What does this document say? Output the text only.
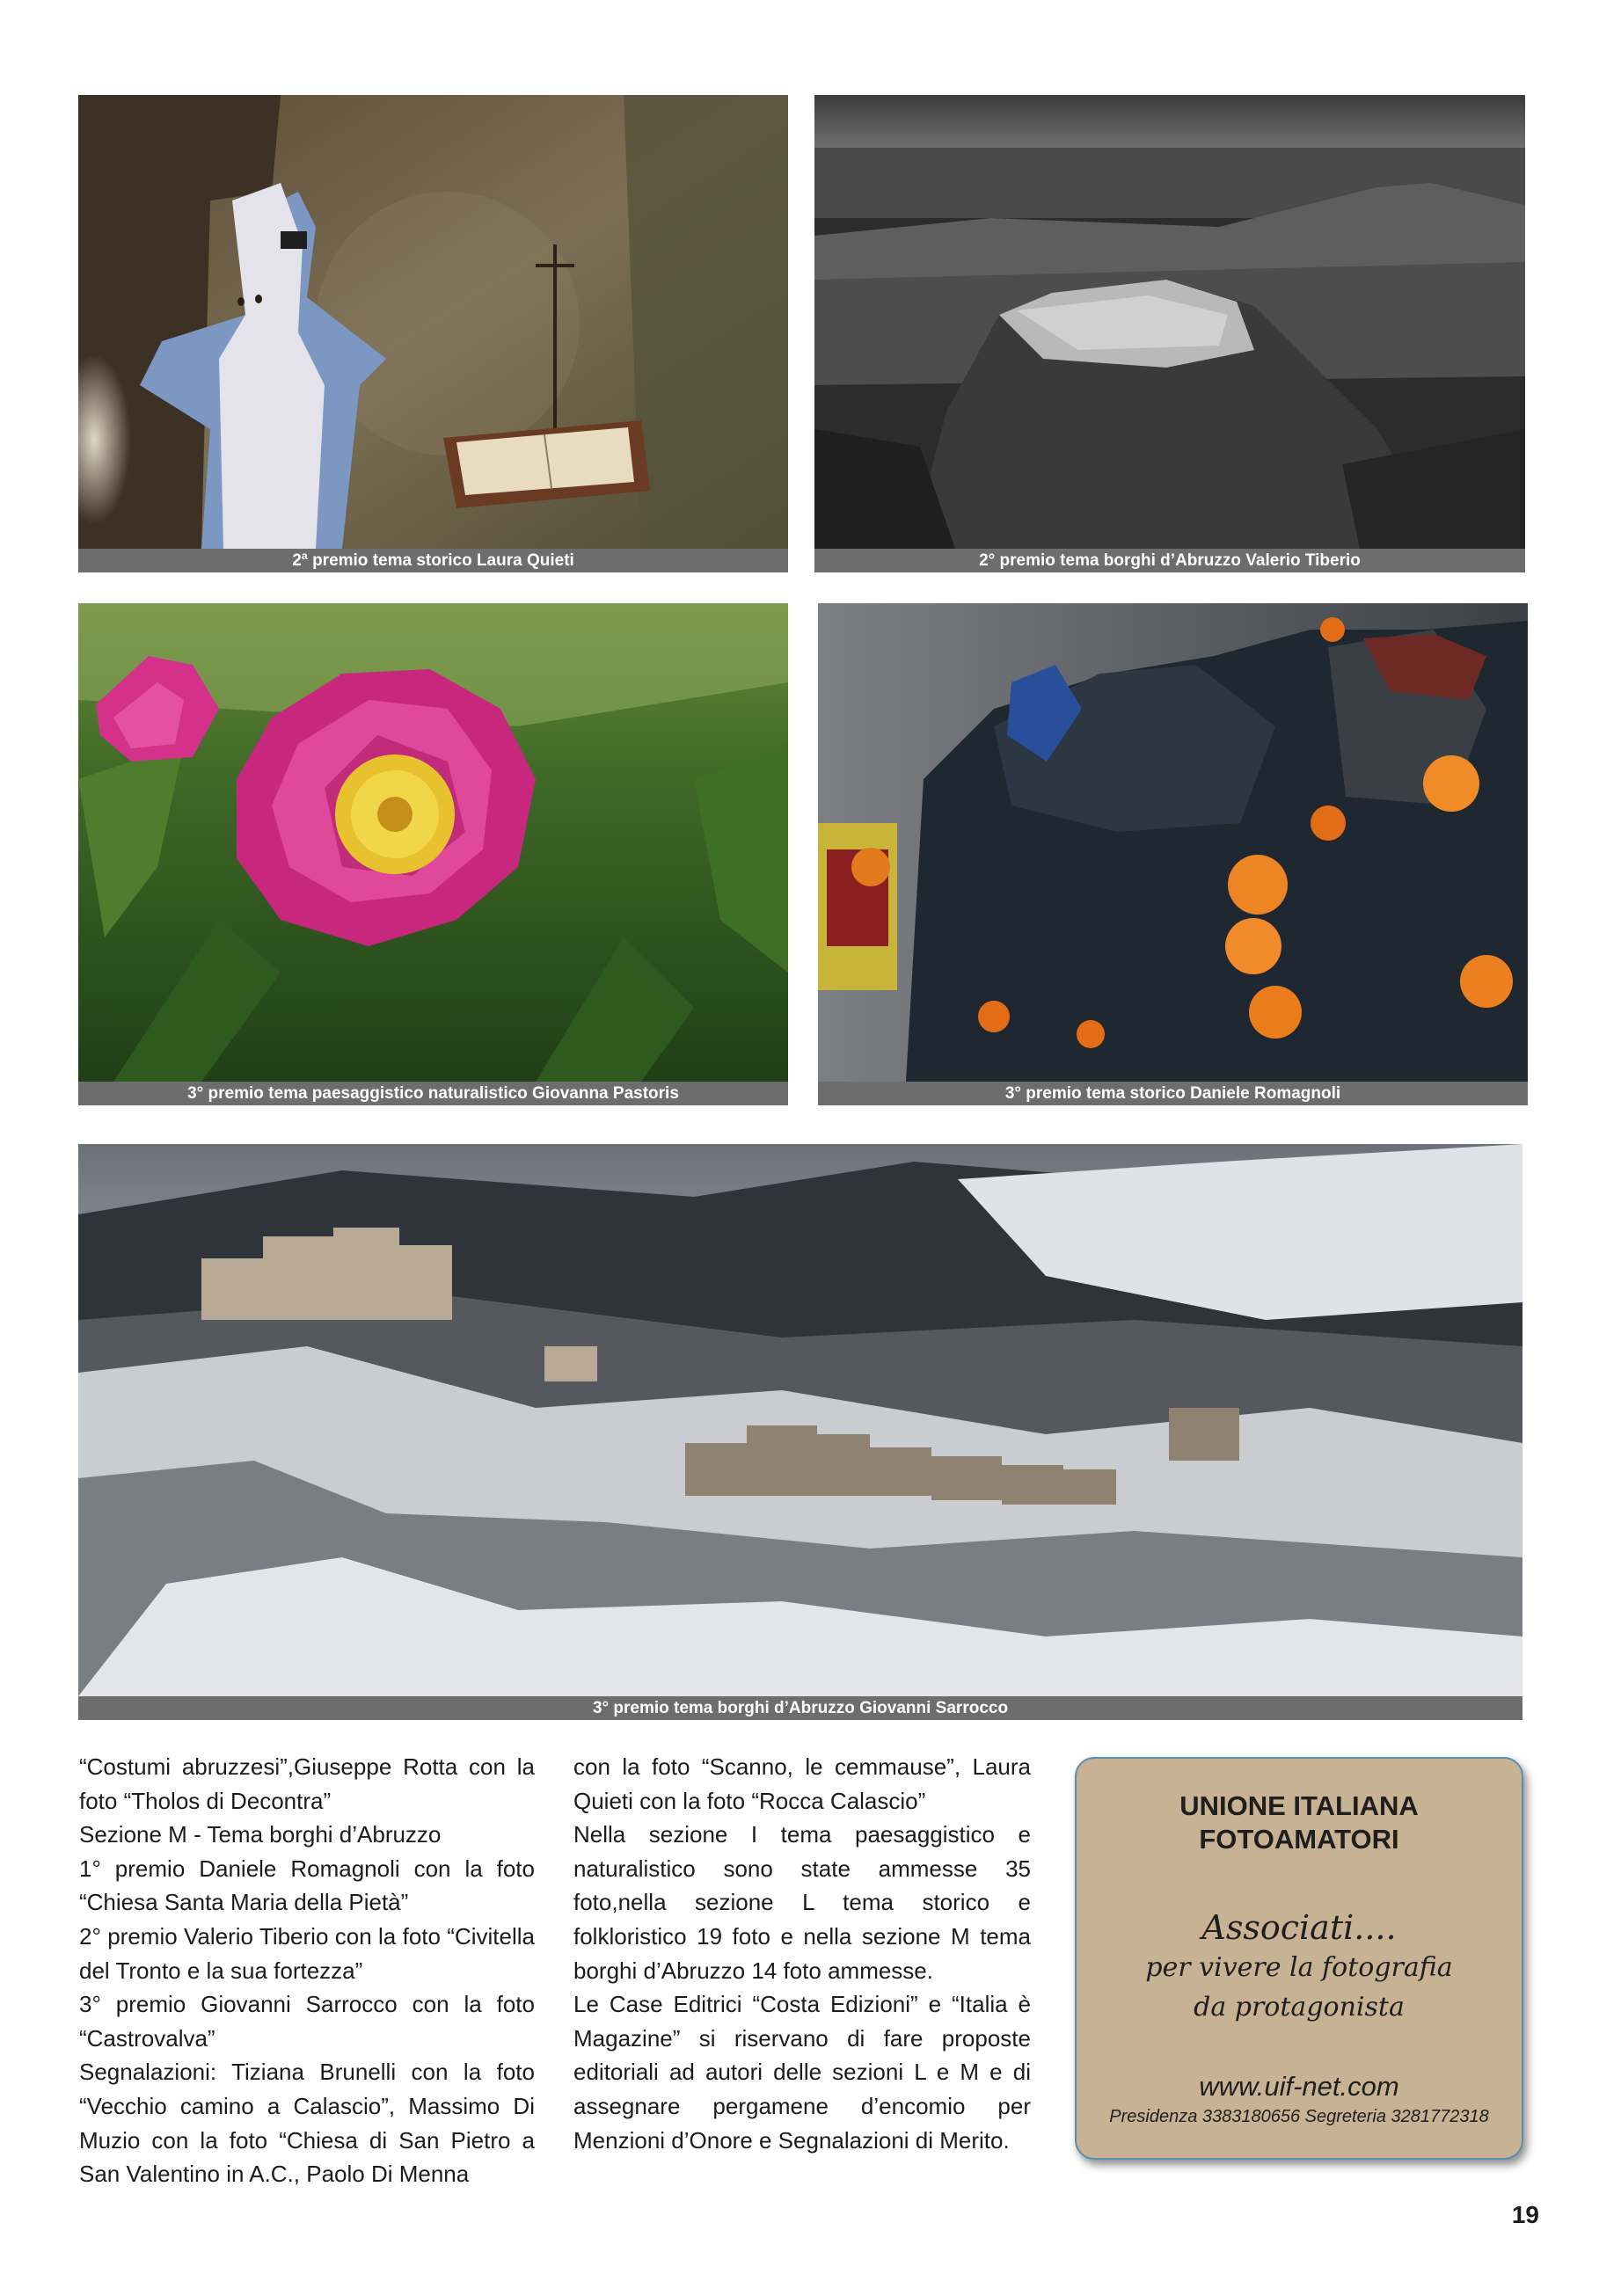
2ª premio tema storico Laura Quieti	2° premio tema borghi d’Abruzzo Valerio Tiberio
3° premio tema paesaggistico naturalistico Giovanna Pastoris	3° premio tema storico Daniele Romagnoli
3° premio tema borghi d’Abruzzo Giovanni Sarrocco

“Costumi abruzzesi”,Giuseppe Rotta con la foto “Tholos di Decontra”

Sezione M - Tema borghi d’Abruzzo

1° premio Daniele Romagnoli con la foto “Chiesa Santa Maria della Pietà”

2° premio Valerio Tiberio con la foto “Civitella del Tronto e la sua fortezza”

3° premio Giovanni Sarrocco con la foto “Castrovalva”

Segnalazioni: Tiziana Brunelli con la foto “Vecchio camino a Calascio”, Massimo Di Muzio con la foto “Chiesa di San Pietro a San Valentino in A.C., Paolo Di Menna

con la foto “Scanno, le cemmause”, Laura Quieti con la foto “Rocca Calascio”

Nella sezione I tema paesaggistico e naturalistico sono state ammesse 35 foto,nella sezione L tema storico e folkloristico 19 foto e nella sezione M tema borghi d’Abruzzo 14 foto ammesse.

Le Case Editrici “Costa Edizioni” e “Italia è Magazine” si riservano di fare proposte editoriali ad autori delle sezioni L e M e di assegnare pergamene d’encomio per Menzioni d’Onore e Segnalazioni di Merito.

UNIONE ITALIANA
FOTOAMATORI
Associati....
per vivere la fotografia
da protagonista
www.uif-net.com
Presidenza 3383180656 Segreteria 3281772318
19
